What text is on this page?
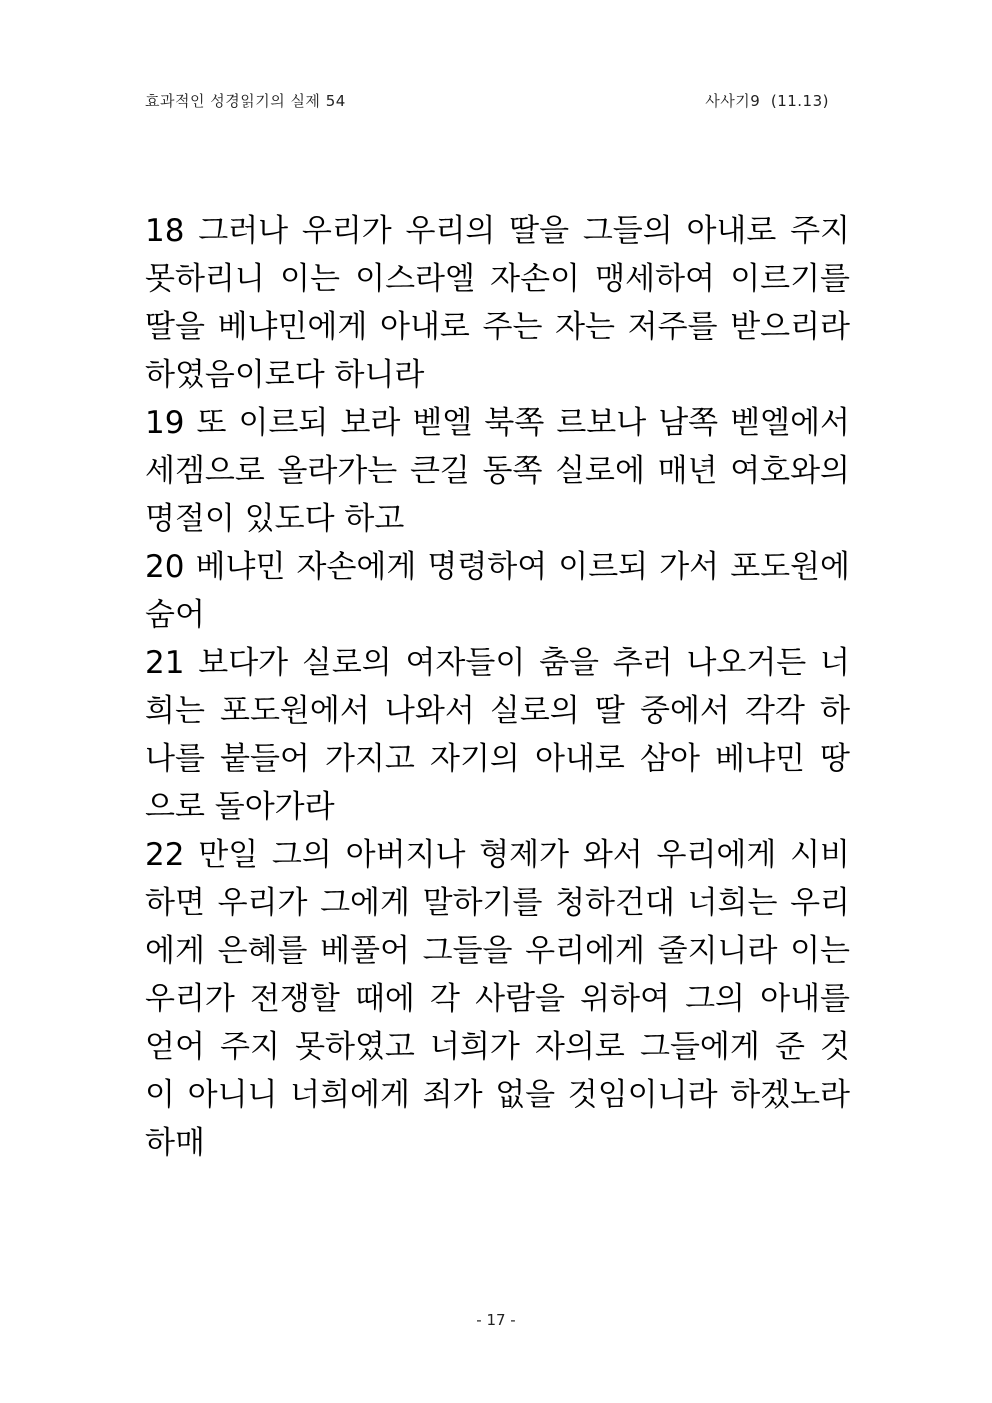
효과적인 성경읽기의 실제 54	사사기9  (11.13)
18 그러나 우리가 우리의 딸을 그들의 아내로 주지
못하리니 이는 이스라엘 자손이 맹세하여 이르기를
딸을 베냐민에게 아내로 주는 자는 저주를 받으리라
하였음이로다 하니라
19 또 이르되 보라 벧엘 북쪽 르보나 남쪽 벧엘에서
세겜으로 올라가는 큰길 동쪽 실로에 매년 여호와의
명절이 있도다 하고
20 베냐민 자손에게 명령하여 이르되 가서 포도원에
숨어
21 보다가 실로의 여자들이 춤을 추러 나오거든 너
희는 포도원에서 나와서 실로의 딸 중에서 각각 하
나를 붙들어 가지고 자기의 아내로 삼아 베냐민 땅
으로 돌아가라
22 만일 그의 아버지나 형제가 와서 우리에게 시비
하면 우리가 그에게 말하기를 청하건대 너희는 우리
에게 은혜를 베풀어 그들을 우리에게 줄지니라 이는
우리가 전쟁할 때에 각 사람을 위하여 그의 아내를
얻어 주지 못하였고 너희가 자의로 그들에게 준 것
이 아니니 너희에게 죄가 없을 것임이니라 하겠노라
하매
- 17 -
